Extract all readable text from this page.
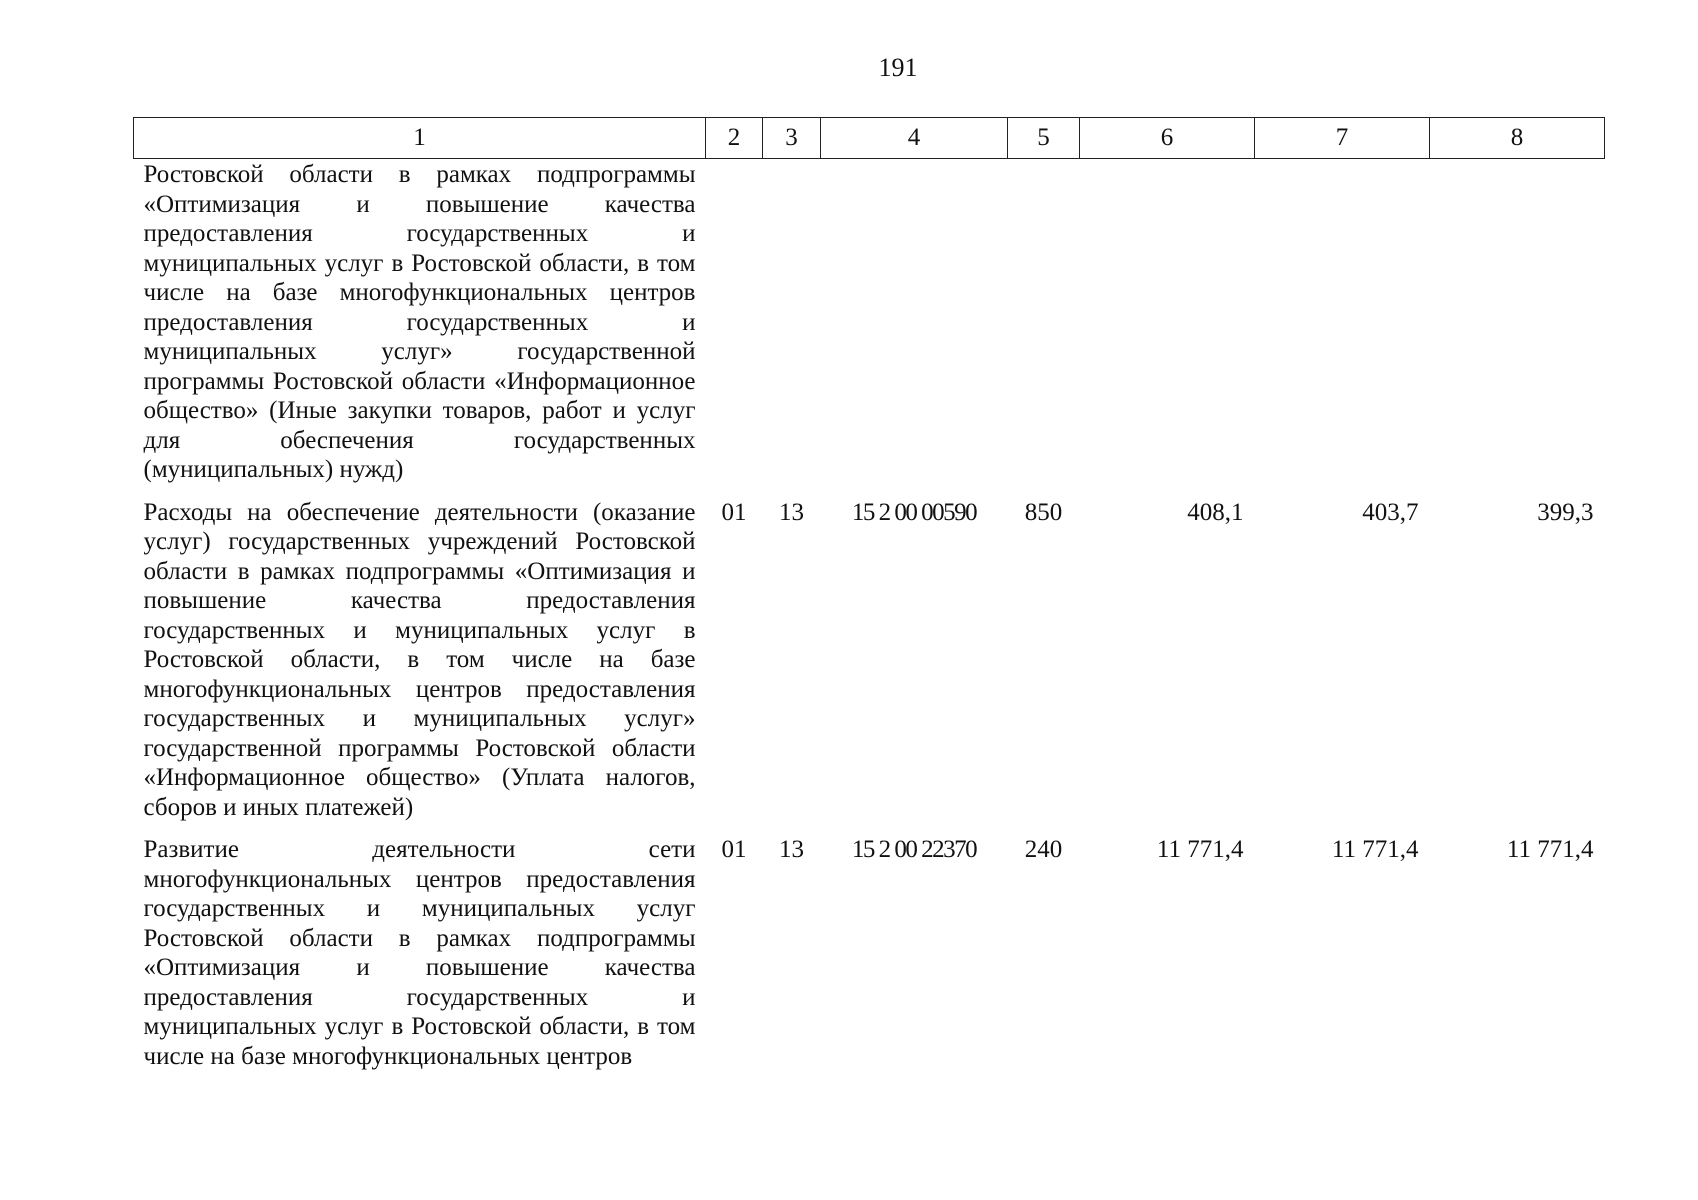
191
1	2	3	4	5	6	7	8
Ростовской области в рамках подпрограммы «Оптимизация и повышение качества предоставления государственных и муниципальных услуг в Ростовской области, в том числе на базе многофункциональных центров предоставления государственных и муниципальных услуг» государственной программы Ростовской области «Информационное общество» (Иные закупки товаров, работ и услуг для обеспечения государственных (муниципальных) нужд)							
Расходы на обеспечение деятельности (оказание услуг) государственных учреждений Ростовской области в рамках подпрограммы «Оптимизация и повышение качества предоставления государственных и муниципальных услуг в Ростовской области, в том числе на базе многофункциональных центров предоставления государственных и муниципальных услуг» государственной программы Ростовской области «Информационное общество» (Уплата налогов, сборов и иных платежей)	01	13	15 2 00 00590	850	408,1	403,7	399,3
Развитие деятельности сети многофункциональных центров предоставления государственных и муниципальных услуг Ростовской области в рамках подпрограммы «Оптимизация и повышение качества предоставления государственных и муниципальных услуг в Ростовской области, в том числе на базе многофункциональных центров	01	13	15 2 00 22370	240	11 771,4	11 771,4	11 771,4
